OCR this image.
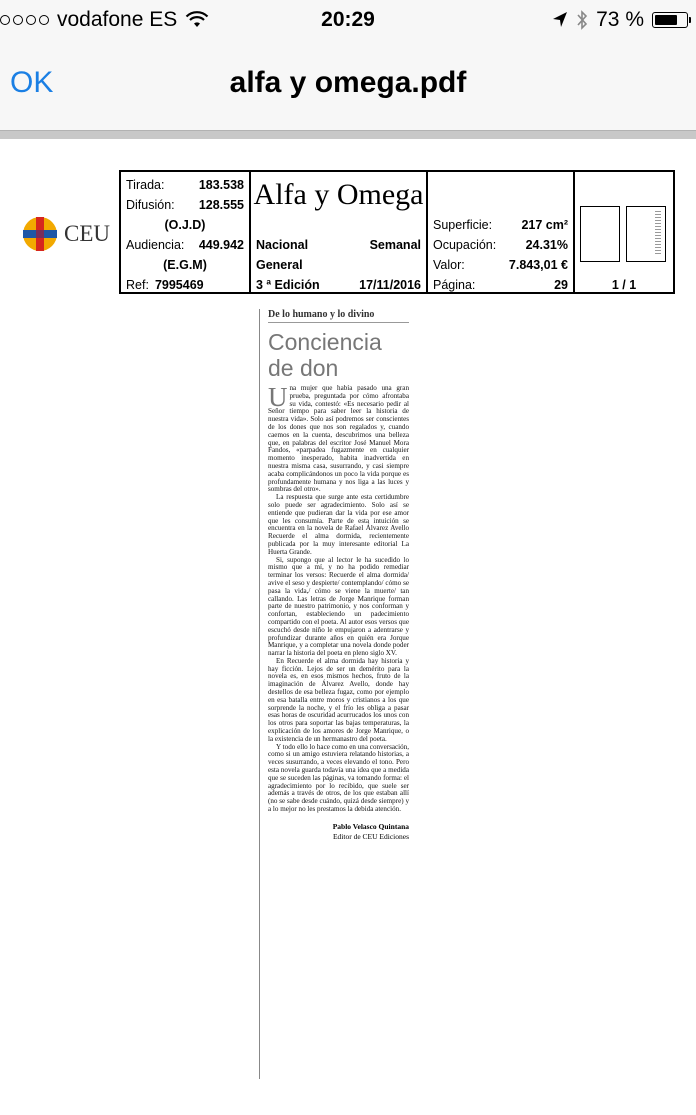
vodafone ES	20:29	73 %
OK	alfa y omega.pdf
CEU
Tirada:	183.538
Difusión: 128.555
(O.J.D)
Audiencia: 449.942
(E.G.M)
Ref: 7995469
Alfa y Omega
Nacional	Semanal
General
3 ª Edición	17/11/2016
Superficie: 217 cm²
Ocupación: 24.31%
Valor:	7.843,01 €
Página:	29	1 / 1
De lo humano y lo divino
Conciencia
de don

Una mujer que había pasado una gran prueba, preguntada por cómo afrontaba su vida, contestó: «Es necesario pedir al Señor tiempo para saber leer la historia de nuestra vida». Solo así podremos ser conscientes de los dones que nos son regalados y, cuando caemos en la cuenta, descubrimos una belleza que, en palabras del escritor José Manuel Mora Fandos, «parpadea fugazmente en cualquier momento inesperado, habita inadvertida en nuestra misma casa, susurrando, y casi siempre acaba complicándonos un poco la vida porque es profundamente humana y nos liga a las luces y sombras del otro».

La respuesta que surge ante esta certidumbre solo puede ser agradecimiento. Solo así se entiende que pudieran dar la vida por ese amor que les consumía. Parte de esta intuición se encuentra en la novela de Rafael Álvarez Avello Recuerde el alma dormida, recientemente publicada por la muy interesante editorial La Huerta Grande.

Si, supongo que al lector le ha sucedido lo mismo que a mí, y no ha podido remediar terminar los versos: Recuerde el alma dormida/ avive el seso y despierte/ contemplando/ cómo se pasa la vida,/ cómo se viene la muerte/ tan callando. Las letras de Jorge Manrique forman parte de nuestro patrimonio, y nos conforman y confortan, estableciendo un padecimiento compartido con el poeta. Al autor esos versos que escuchó desde niño le empujaron a adentrarse y profundizar durante años en quién era Jorque Manrique, y a completar una novela donde poder narrar la historia del poeta en pleno siglo XV.

En Recuerde el alma dormida hay historia y hay ficción. Lejos de ser un demérito para la novela es, en esos mismos hechos, fruto de la imaginación de Álvarez Avello, donde hay destellos de esa belleza fugaz, como por ejemplo en esa batalla entre moros y cristianos a los que sorprende la noche, y el frío les obliga a pasar esas horas de oscuridad acurrucados los unos con los otros para soportar las bajas temperaturas, la explicación de los amores de Jorge Manrique, o la existencia de un hermanastro del poeta.

Y todo ello lo hace como en una conversación, como si un amigo estuviera relatando historias, a veces susurrando, a veces elevando el tono. Pero esta novela guarda todavía una idea que a medida que se suceden las páginas, va tomando forma: el agradecimiento por lo recibido, que suele ser además a través de otros, de los que estaban allí (no se sabe desde cuándo, quizá desde siempre) y a lo mejor no les prestamos la debida atención.

Pablo Velasco Quintana
Editor de CEU Ediciones
